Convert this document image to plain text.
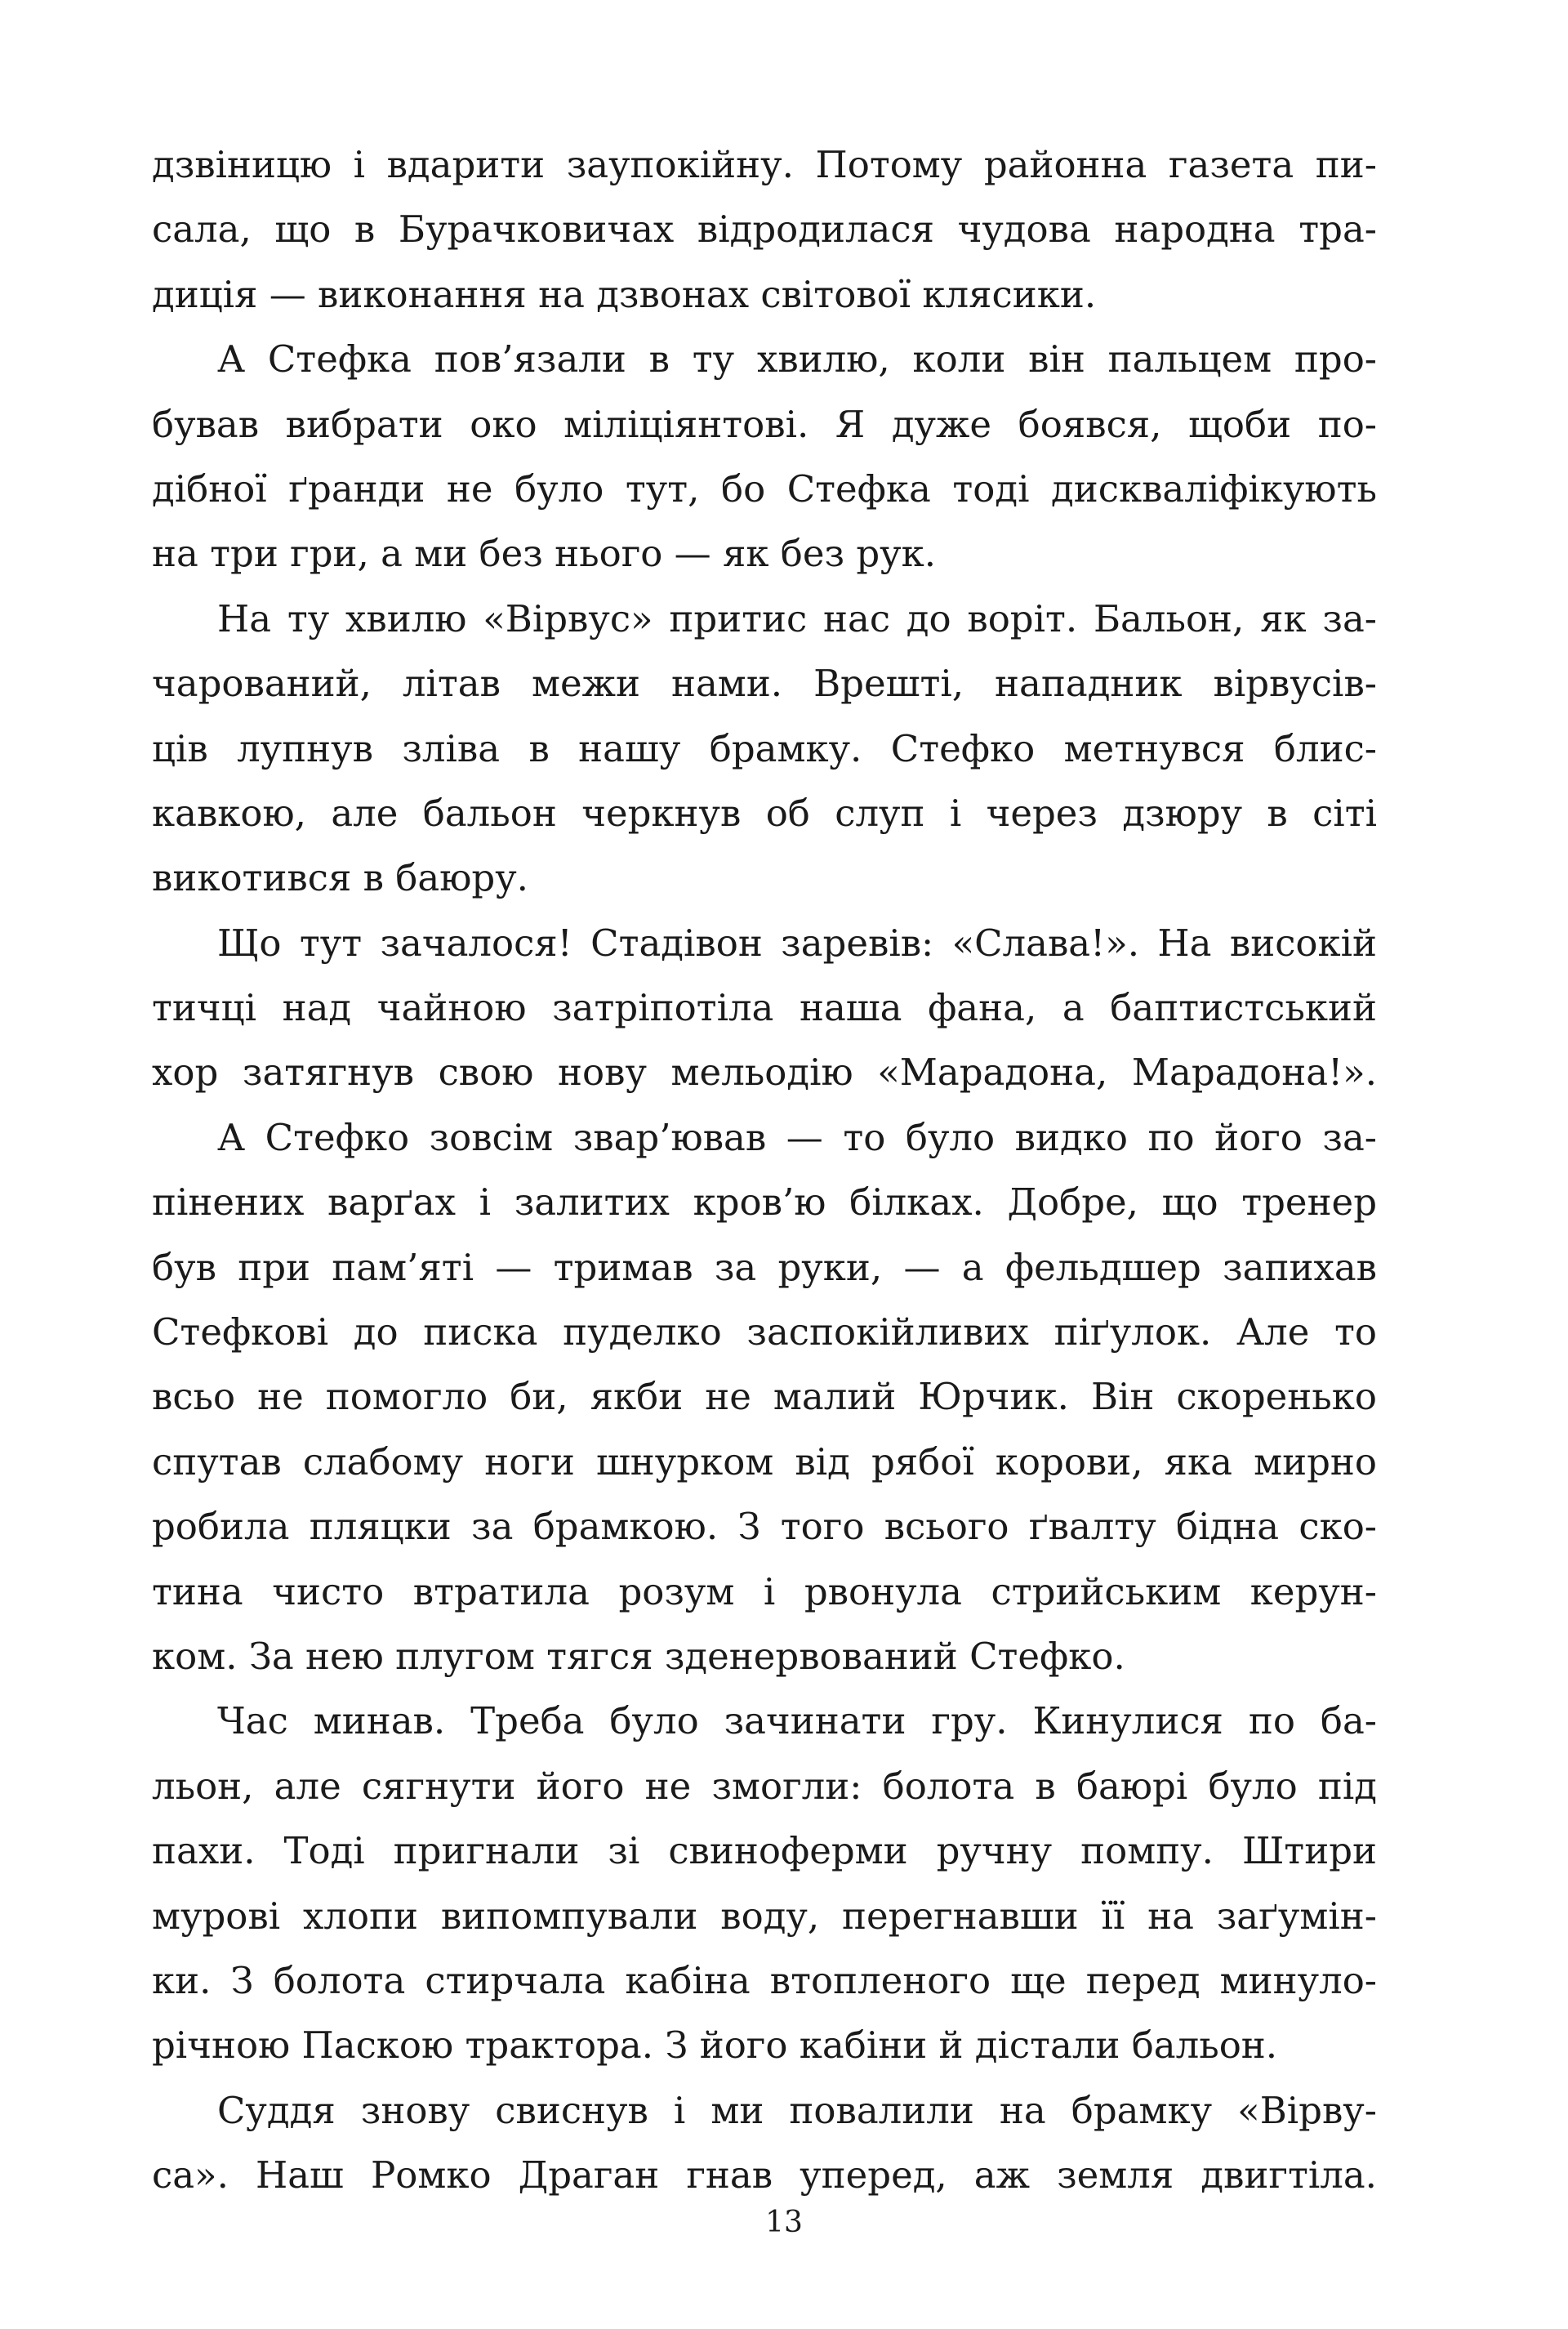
дзвіницю і вдарити заупокійну. Потому районна газета пи-
сала, що в Бурачковичах відродилася чудова народна тра-
диція — виконання на дзвонах світової клясики.
А Стефка пов’язали в ту хвилю, коли він пальцем про-
бував вибрати око міліціянтові. Я дуже боявся, щоби по-
дібної ґранди не було тут, бо Стефка тоді дискваліфікують
на три гри, а ми без нього — як без рук.
На ту хвилю «Вірвус» притис нас до воріт. Бальон, як за-
чарований, літав межи нами. Врешті, нападник вірвусів-
ців лупнув зліва в нашу брамку. Стефко метнувся блис-
кавкою, але бальон черкнув об слуп і через дзюру в сіті
викотився в баюру.
Що тут зачалося! Стадівон заревів: «Слава!». На високій
тичці над чайною затріпотіла наша фана, а баптистський
хор затягнув свою нову мельодію «Марадона, Марадона!».
А Стефко зовсім звар’ював — то було видко по його за-
пінених варґах і залитих кров’ю білках. Добре, що тренер
був при пам’яті — тримав за руки, — а фельдшер запихав
Стефкові до писка пуделко заспокійливих піґулок. Але то
всьо не помогло би, якби не малий Юрчик. Він скоренько
спутав слабому ноги шнурком від рябої корови, яка мирно
робила пляцки за брамкою. З того всього ґвалту бідна ско-
тина чисто втратила розум і рвонула стрийським керун-
ком. За нею плугом тягся зденервований Стефко.
Час минав. Треба було зачинати гру. Кинулися по ба-
льон, але сягнути його не змогли: болота в баюрі було під
пахи. Тоді пригнали зі свиноферми ручну помпу. Штири
мурові хлопи випомпували воду, перегнавши її на заґумін-
ки. З болота стирчала кабіна втопленого ще перед минуло-
річною Паскою трактора. З його кабіни й дістали бальон.
Суддя знову свиснув і ми повалили на брамку «Вірву-
са». Наш Ромко Драган гнав уперед, аж земля двигтіла.
13
